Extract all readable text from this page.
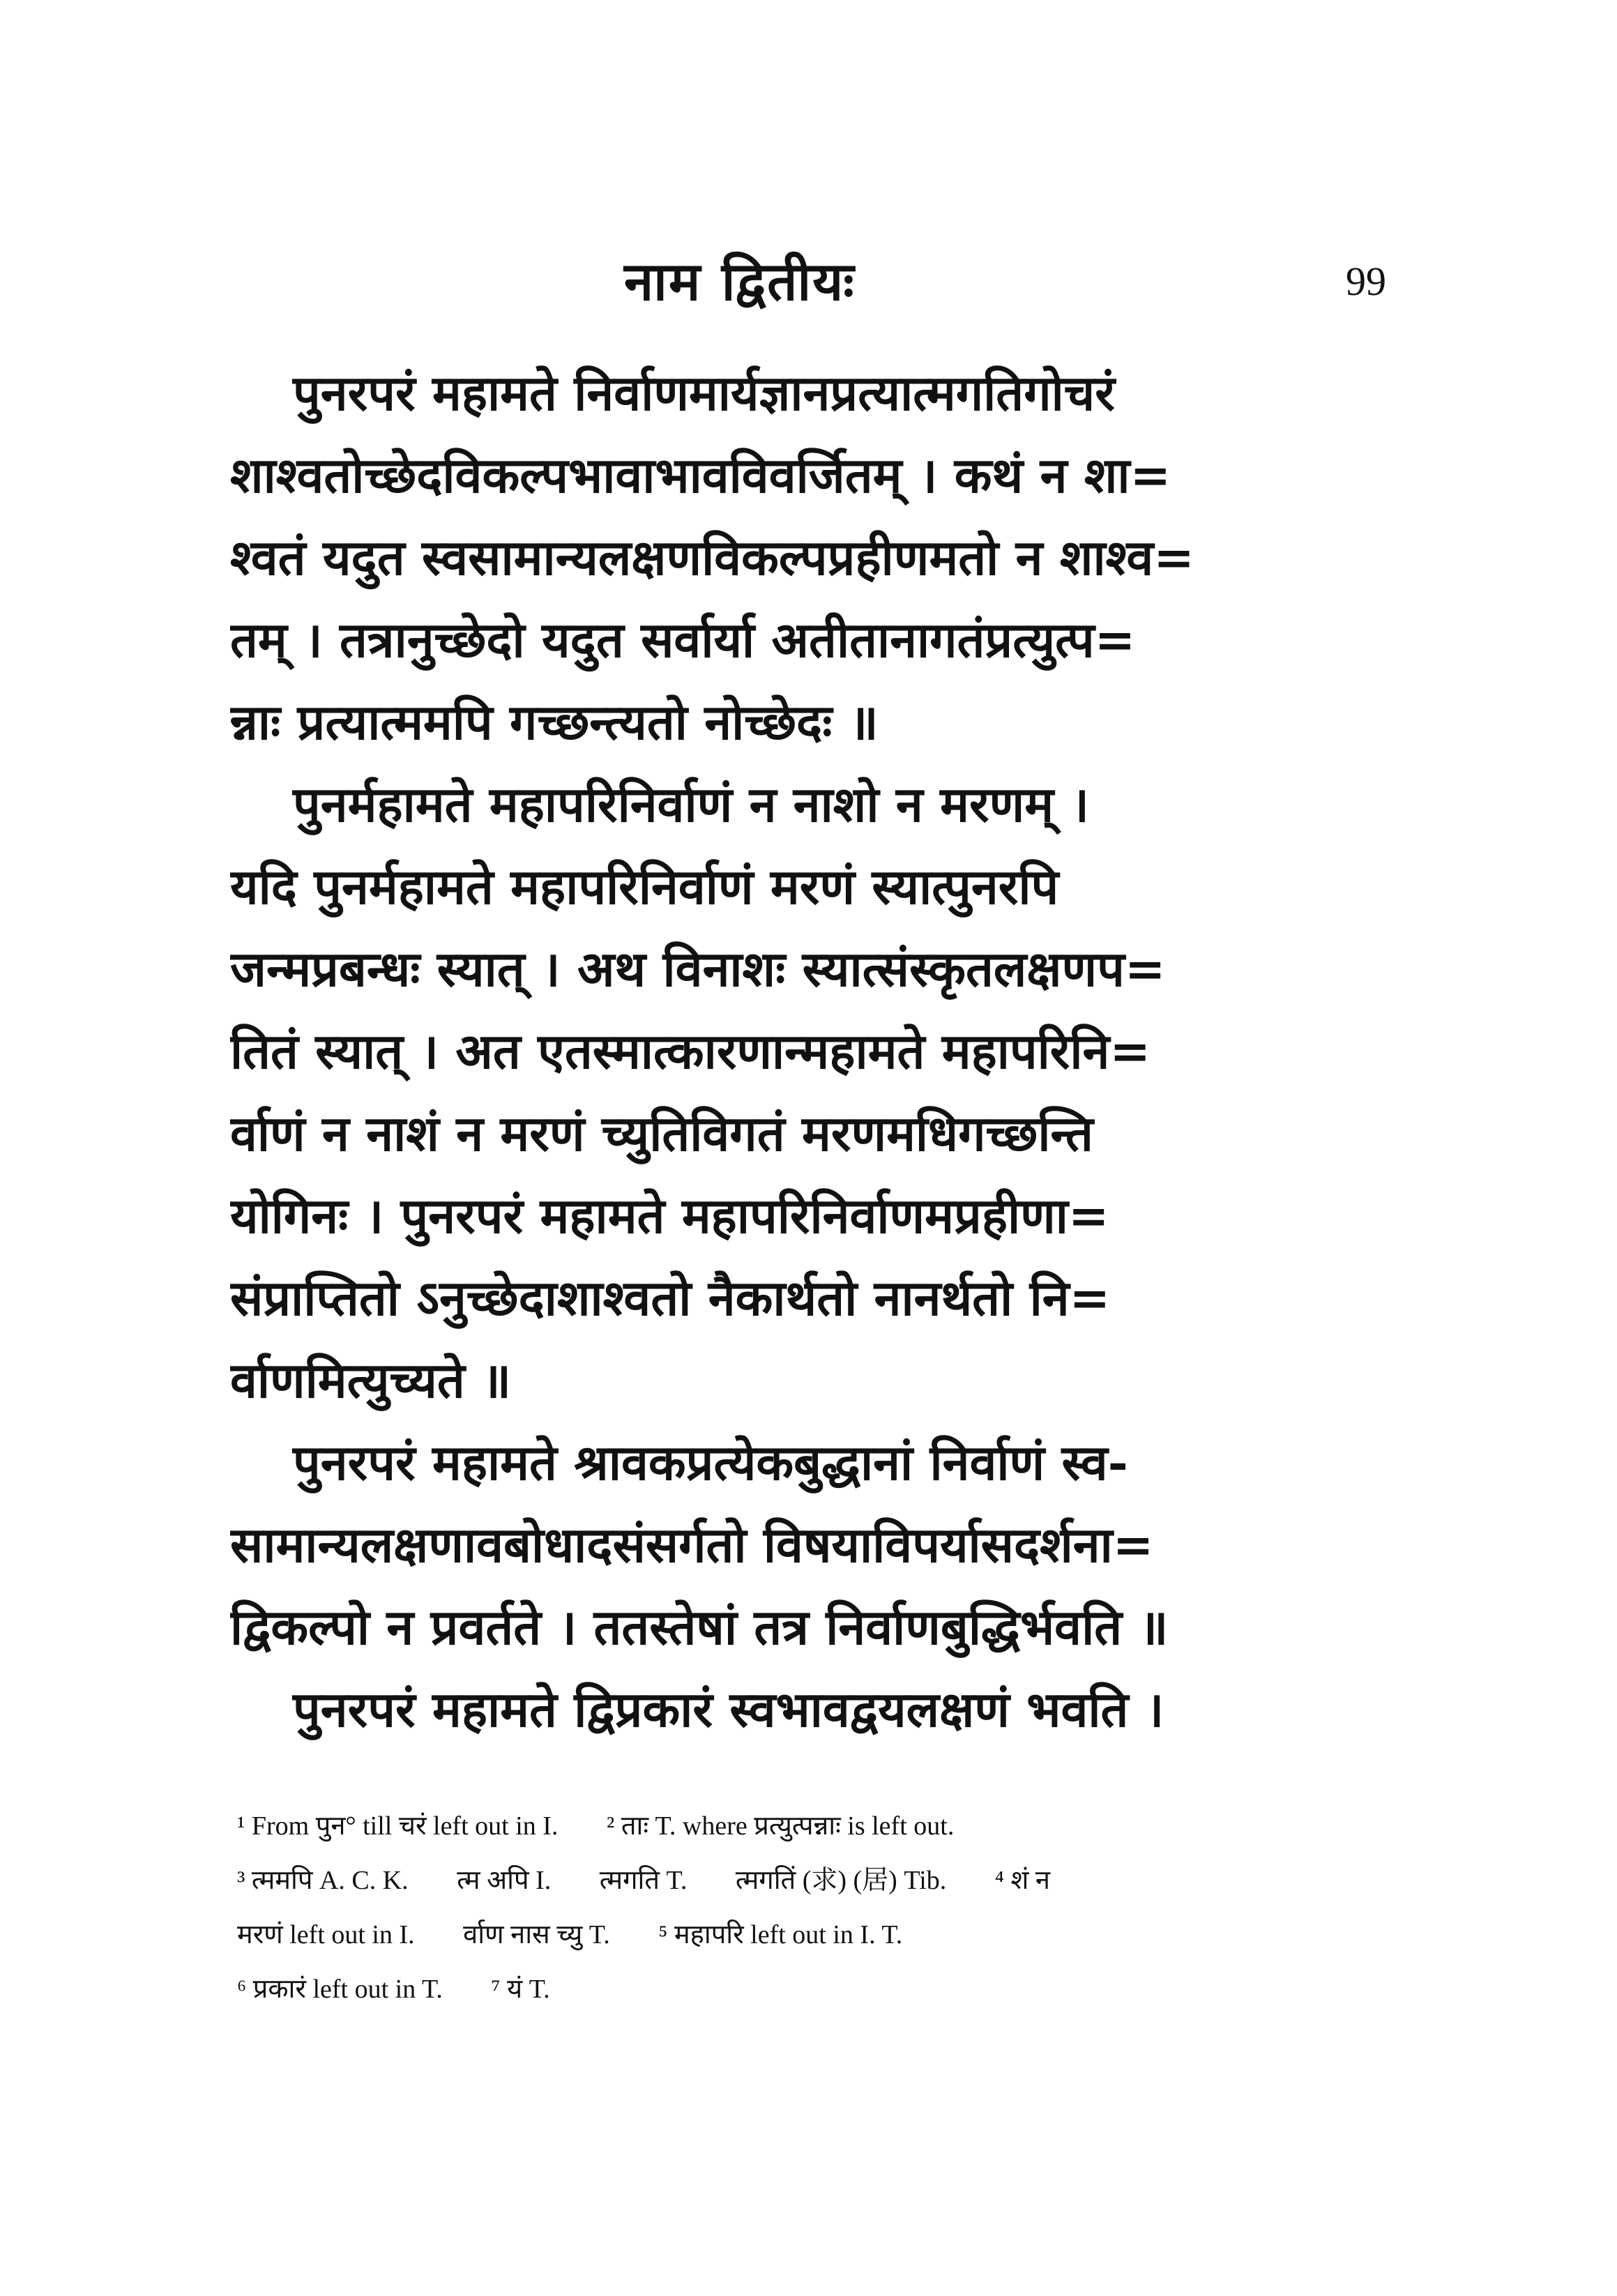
नाम द्वितीयः	99
पुनरपरं महामते निर्वाणमार्यज्ञानप्रत्यात्मगतिगोचरं
शाश्वतोच्छेदविकल्पभावाभावविवर्जितम् । कथं न शा=
श्वतं यदुत स्वसामान्यलक्षणविकल्पप्रहीणमतो न शाश्व=
तम् । तत्रानुच्छेदो यदुत सर्वार्या अतीतानागतंप्रत्युत्प=
न्नाः प्रत्यात्ममपि गच्छन्त्यतो नोच्छेदः ॥
पुनर्महामते महापरिनिर्वाणं न नाशो न मरणम् ।
यदि पुनर्महामते महापरिनिर्वाणं मरणं स्यात्पुनरपि
जन्मप्रबन्धः स्यात् । अथ विनाशः स्यात्संस्कृतलक्षणप=
तितं स्यात् । अत एतस्मात्कारणान्महामते महापरिनि=
र्वाणं न नाशं न मरणं च्युतिविगतं मरणमधिगच्छन्ति
योगिनः । पुनरपरं महामते महापरिनिर्वाणमप्रहीणा=
संप्राप्तितो ऽनुच्छेदाशाश्वतो नैकार्थतो नानर्थतो नि=
र्वाणमित्युच्यते ॥
पुनरपरं महामते श्रावकप्रत्येकबुद्धानां निर्वाणं स्व-
सामान्यलक्षणावबोधादसंसर्गतो विषयाविपर्यासदर्शना=
द्विकल्पो न प्रवर्तते । ततस्तेषां तत्र निर्वाणबुद्धिर्भवति ॥
पुनरपरं महामते द्विप्रकारं स्वभावद्वयलक्षणं भवति ।
¹ From पुन° till चरं left out in I. ² ताः T. where प्रत्युत्पन्नाः is left out.
³ त्ममपि A. C. K. त्म अपि I. त्मगति T. त्मगतिं (求) (居) Tib. ⁴ शं न
मरणं left out in I. र्वाण नास च्यु T. ⁵ महापरि left out in I. T.
⁶ प्रकारं left out in T. ⁷ यं T.
